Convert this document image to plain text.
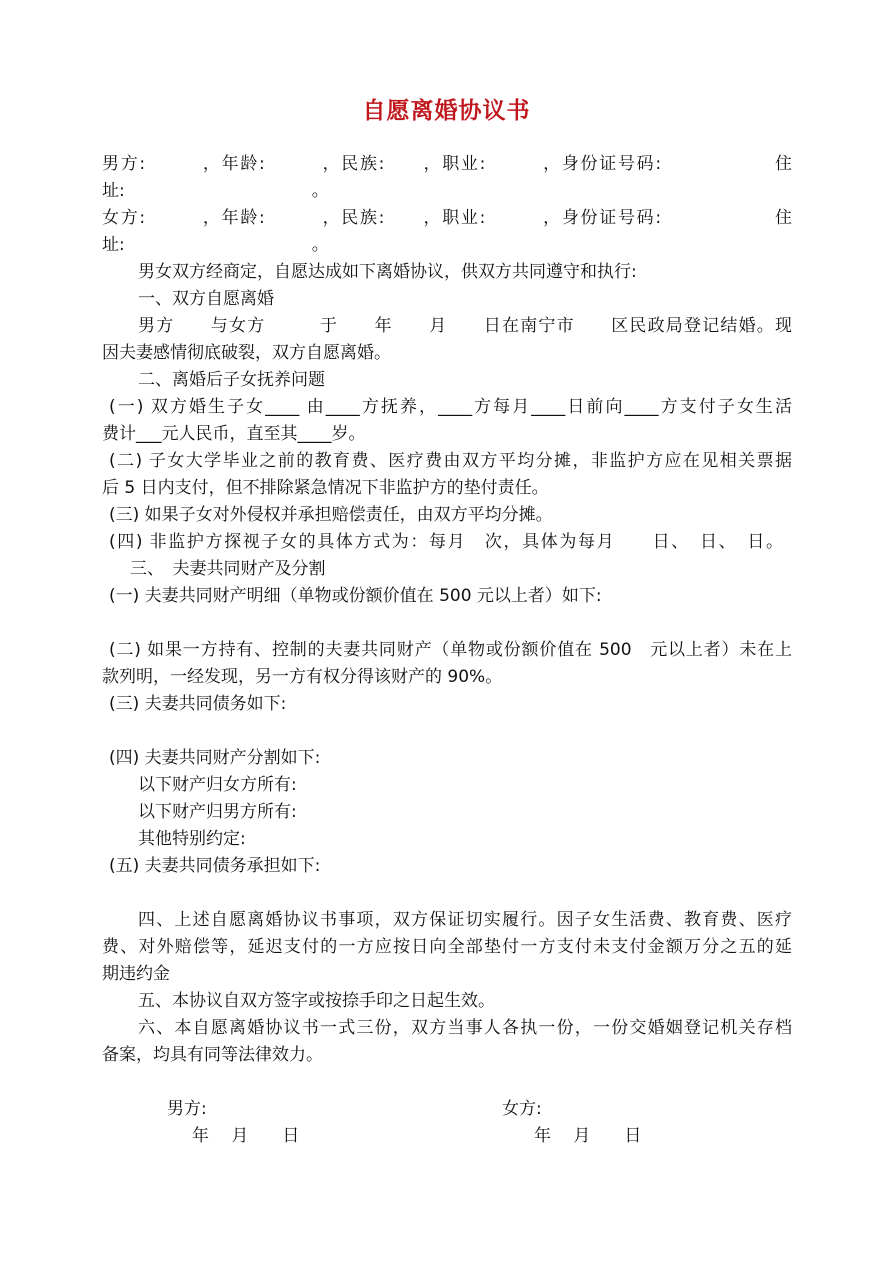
自愿离婚协议书
男方:　　　，年龄:　　　，民族:　　，职业:　　　，身份证号码:　　　　　　住
址:　　　　　　　　　　　。
女方:　　　，年龄:　　　，民族:　　，职业:　　　，身份证号码:　　　　　　住
址:　　　　　　　　　　　。
男女双方经商定，自愿达成如下离婚协议，供双方共同遵守和执行:
一、双方自愿离婚
男方　　与女方　　　于　　年　　月　　日在南宁市　　区民政局登记结婚。现
因夫妻感情彻底破裂，双方自愿离婚。
二、离婚后子女抚养问题
(一) 双方婚生子女____ 由____方抚养，____方每月____日前向____方支付子女生活
费计___元人民币，直至其____岁。
(二) 子女大学毕业之前的教育费、医疗费由双方平均分摊，非监护方应在见相关票据
后 5 日内支付，但不排除紧急情况下非监护方的垫付责任。
(三) 如果子女对外侵权并承担赔偿责任，由双方平均分摊。
(四) 非监护方探视子女的具体方式为：每月　次，具体为每月　　日、　日、　日。
三、　夫妻共同财产及分割
(一) 夫妻共同财产明细（单物或份额价值在 500 元以上者）如下:
(二) 如果一方持有、控制的夫妻共同财产（单物或份额价值在 500　元以上者）未在上
款列明，一经发现，另一方有权分得该财产的 90%。
(三) 夫妻共同债务如下:
(四) 夫妻共同财产分割如下:
以下财产归女方所有:
以下财产归男方所有:
其他特别约定:
(五) 夫妻共同债务承担如下:
四、上述自愿离婚协议书事项，双方保证切实履行。因子女生活费、教育费、医疗
费、对外赔偿等，延迟支付的一方应按日向全部垫付一方支付未支付金额万分之五的延
期违约金
五、本协议自双方签字或按捺手印之日起生效。
六、本自愿离婚协议书一式三份，双方当事人各执一份，一份交婚姻登记机关存档
备案，均具有同等法律效力。
男方:	女方:
年　 月　　日	年　 月　　日
